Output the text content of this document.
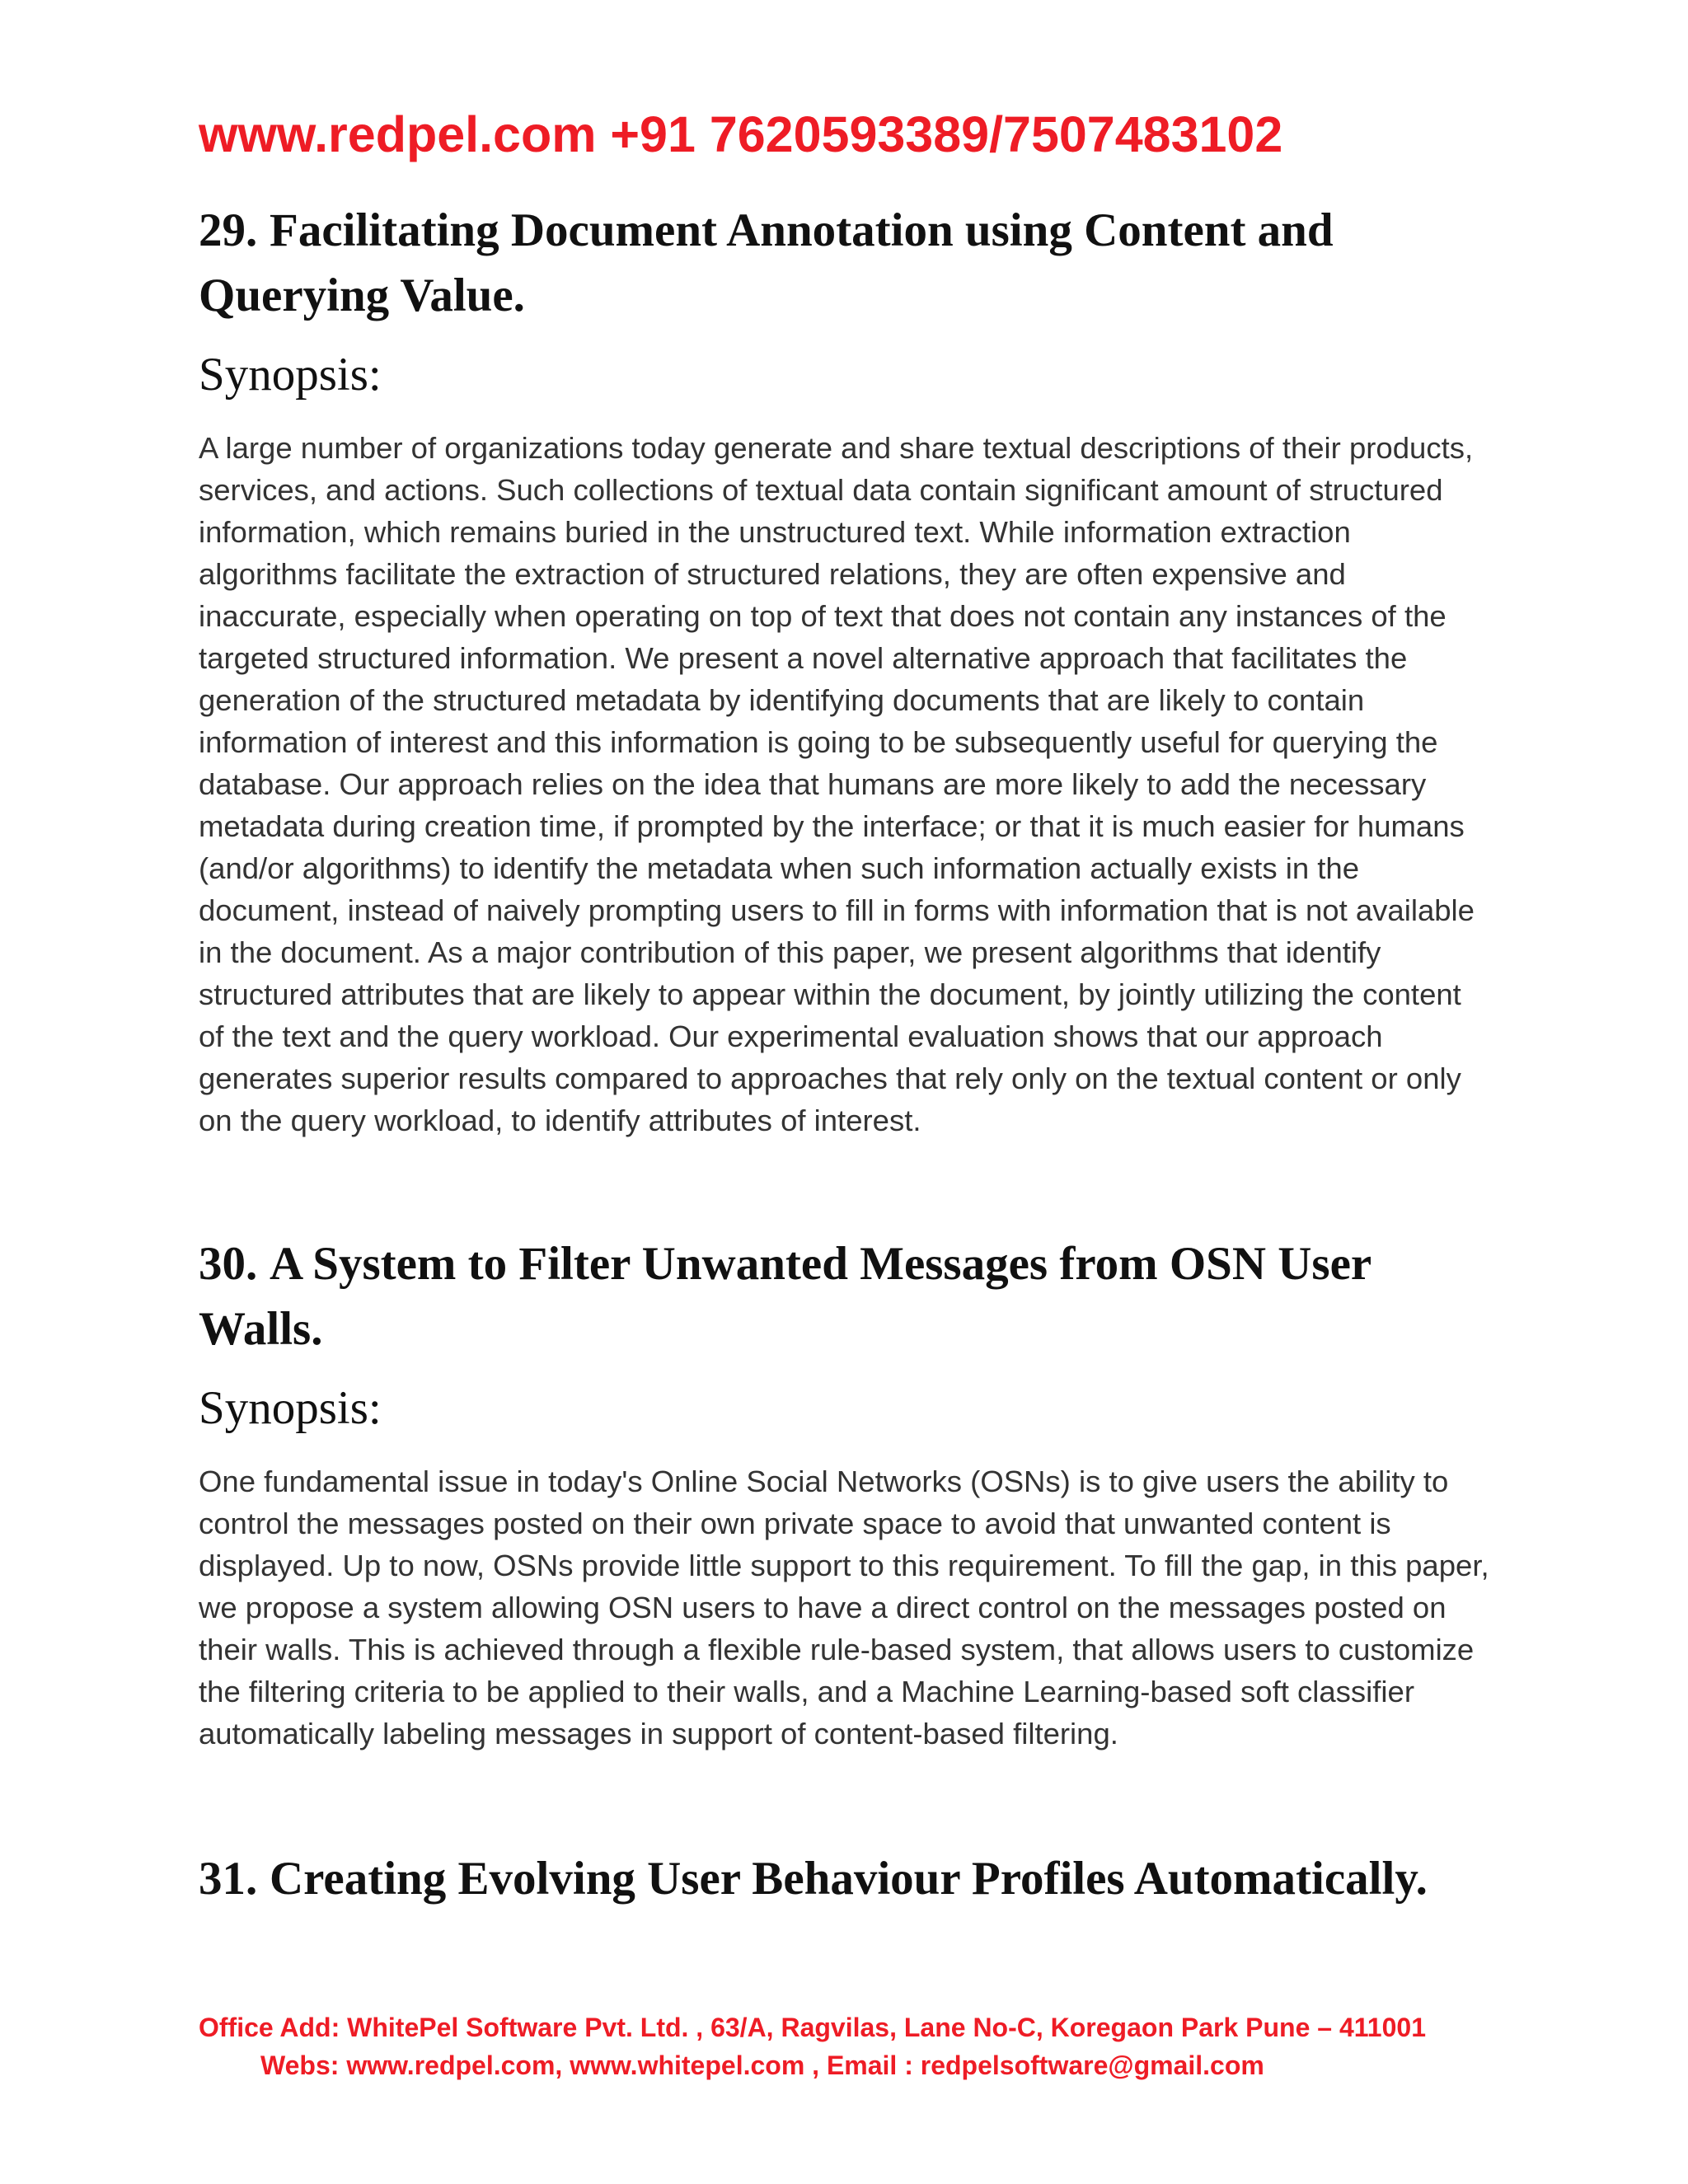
www.redpel.com +91 7620593389/7507483102
29. Facilitating Document Annotation using Content and Querying Value.

Synopsis:

A large number of organizations today generate and share textual descriptions of their products, services, and actions. Such collections of textual data contain significant amount of structured information, which remains buried in the unstructured text. While information extraction algorithms facilitate the extraction of structured relations, they are often expensive and inaccurate, especially when operating on top of text that does not contain any instances of the targeted structured information. We present a novel alternative approach that facilitates the generation of the structured metadata by identifying documents that are likely to contain information of interest and this information is going to be subsequently useful for querying the database. Our approach relies on the idea that humans are more likely to add the necessary metadata during creation time, if prompted by the interface; or that it is much easier for humans (and/or algorithms) to identify the metadata when such information actually exists in the document, instead of naively prompting users to fill in forms with information that is not available in the document. As a major contribution of this paper, we present algorithms that identify structured attributes that are likely to appear within the document, by jointly utilizing the content of the text and the query workload. Our experimental evaluation shows that our approach generates superior results compared to approaches that rely only on the textual content or only on the query workload, to identify attributes of interest.

30. A System to Filter Unwanted Messages from OSN User Walls.

Synopsis:

One fundamental issue in today's Online Social Networks (OSNs) is to give users the ability to control the messages posted on their own private space to avoid that unwanted content is displayed. Up to now, OSNs provide little support to this requirement. To fill the gap, in this paper, we propose a system allowing OSN users to have a direct control on the messages posted on their walls. This is achieved through a flexible rule-based system, that allows users to customize the filtering criteria to be applied to their walls, and a Machine Learning-based soft classifier automatically labeling messages in support of content-based filtering.

31. Creating Evolving User Behaviour Profiles Automatically.
Office Add: WhitePel Software Pvt. Ltd. , 63/A, Ragvilas, Lane No-C, Koregaon Park Pune – 411001
Webs: www.redpel.com, www.whitepel.com , Email : redpelsoftware@gmail.com
